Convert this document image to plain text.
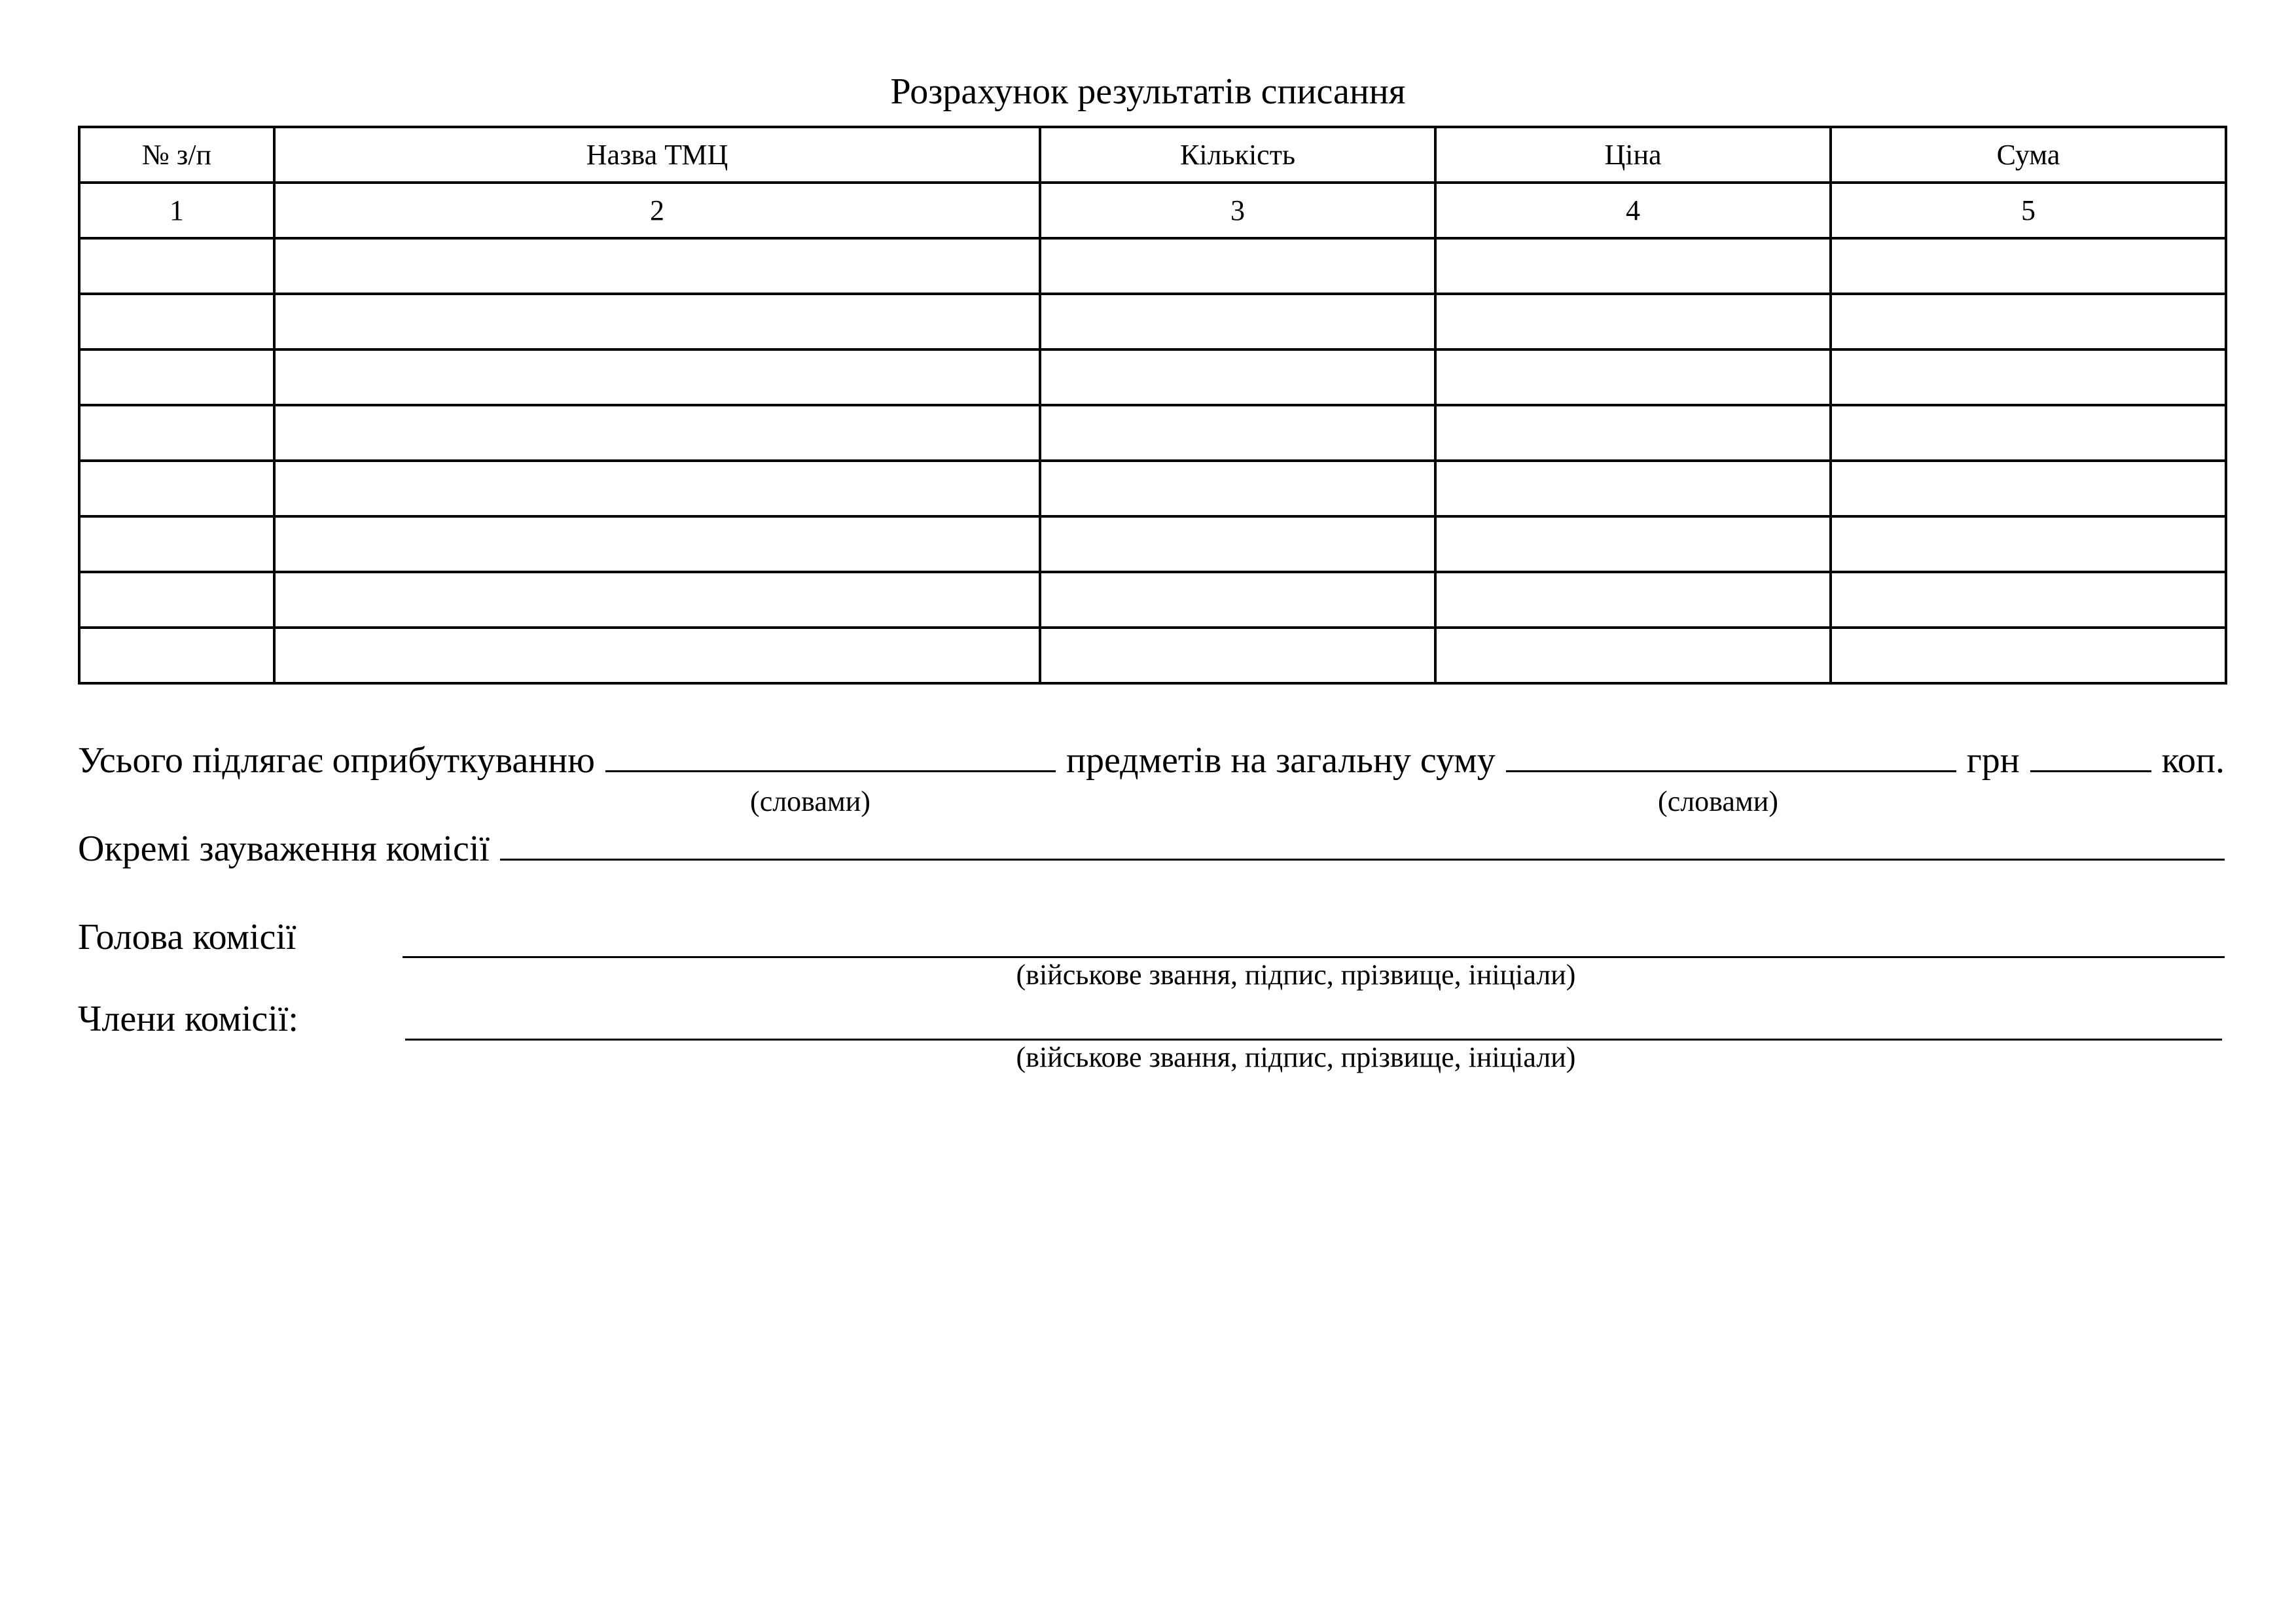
Розрахунок результатів списання
№ з/п	Назва ТМЦ	Кількість	Ціна	Сума
1	2	3	4	5

Усього підлягає оприбуткуванню	предметів на загальну суму	грн	коп.
(словами)	(словами)
Окремі зауваження комісії
Голова комісії
(військове звання, підпис, прізвище, ініціали)
Члени комісії:
(військове звання, підпис, прізвище, ініціали)
